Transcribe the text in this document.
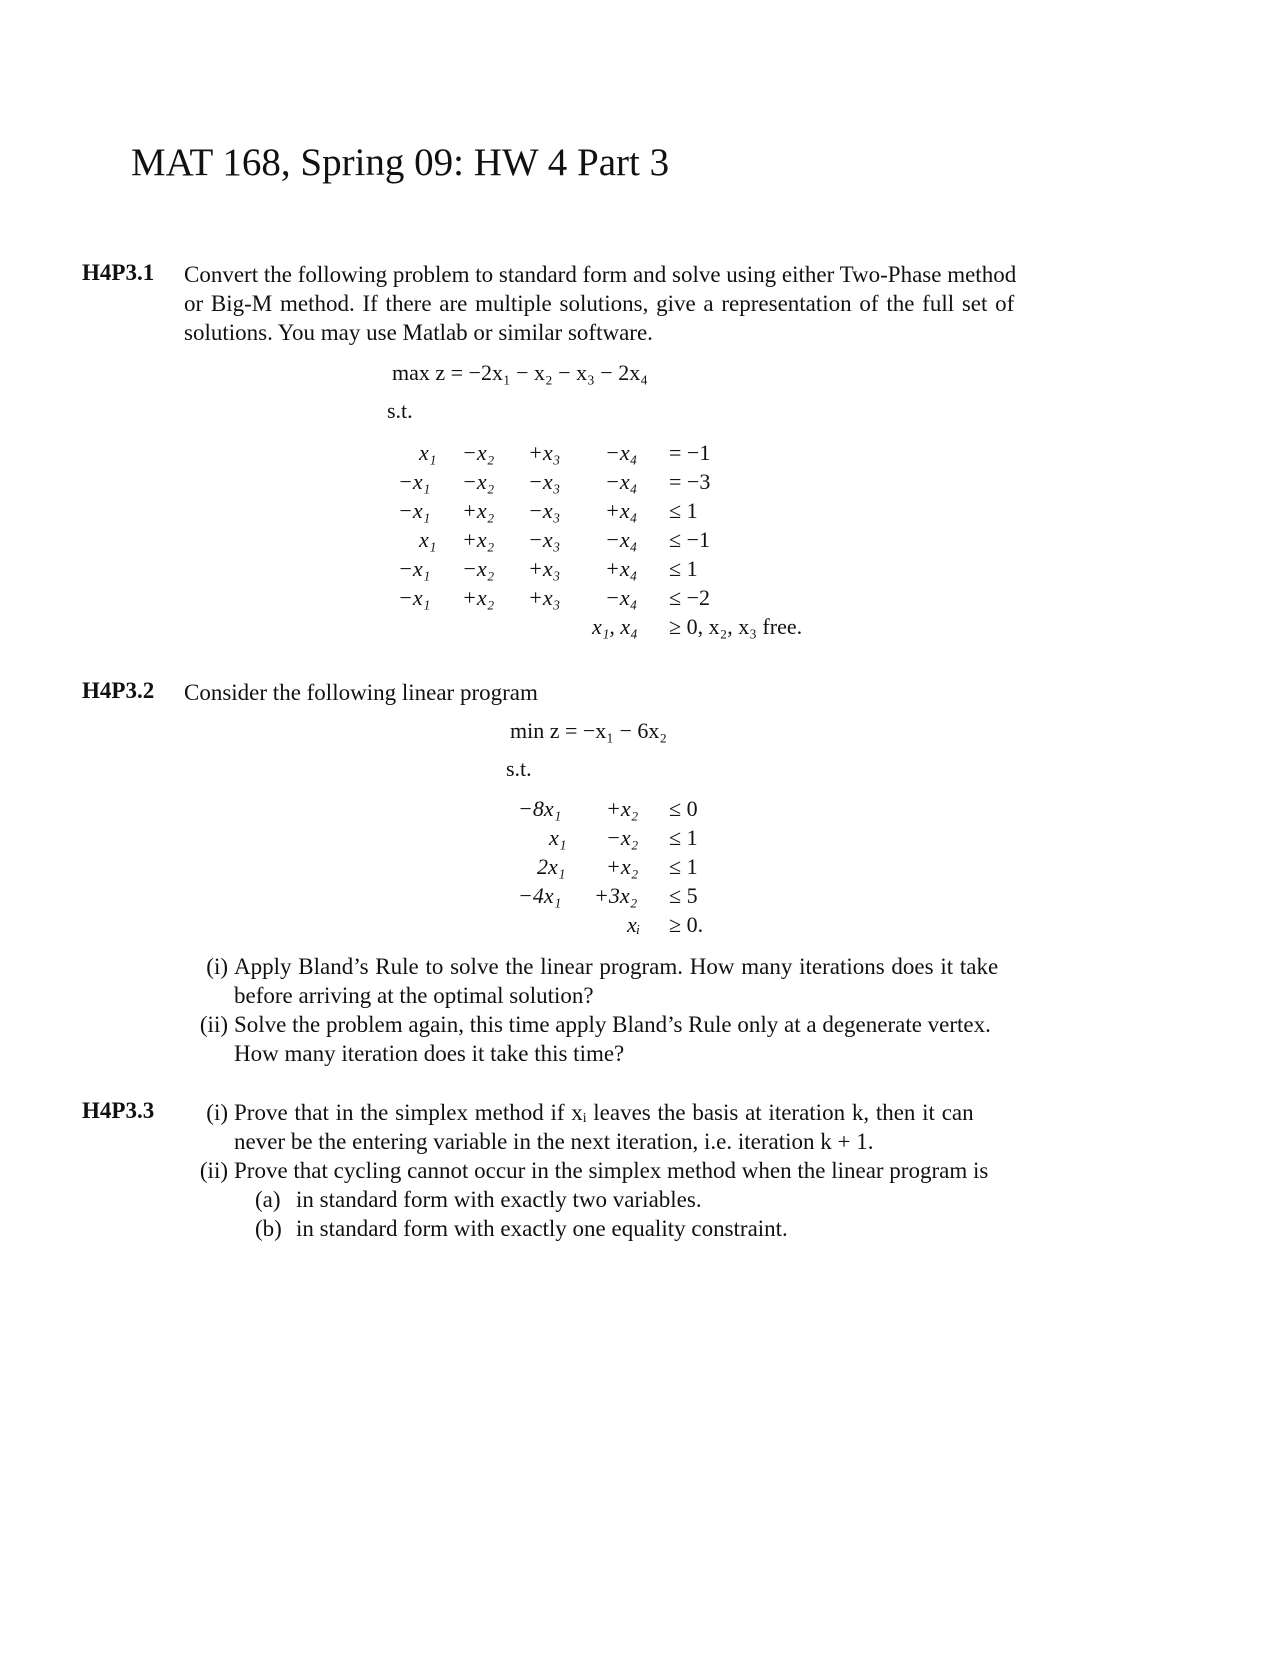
MAT 168, Spring 09: HW 4 Part 3
H4P3.1 Convert the following problem to standard form and solve using either Two-Phase method
or Big-M method. If there are multiple solutions, give a representation of the full set of
solutions. You may use Matlab or similar software.
max z = −2x₁ − x₂ − x₃ − 2x₄
s.t.
x₁ −x₂ +x₃ −x₄ = −1
−x₁ −x₂ −x₃ −x₄ = −3
−x₁ +x₂ −x₃ +x₄ ≤ 1
x₁ +x₂ −x₃ −x₄ ≤ −1
−x₁ −x₂ +x₃ +x₄ ≤ 1
−x₁ +x₂ +x₃ −x₄ ≤ −2
x₁, x₄ ≥ 0, x₂, x₃ free.
H4P3.2 Consider the following linear program
min z = −x₁ − 6x₂
s.t.
−8x₁ +x₂ ≤ 0
x₁ −x₂ ≤ 1
2x₁ +x₂ ≤ 1
−4x₁ +3x₂ ≤ 5
xᵢ ≥ 0.
(i) Apply Bland’s Rule to solve the linear program. How many iterations does it take
before arriving at the optimal solution?
(ii) Solve the problem again, this time apply Bland’s Rule only at a degenerate vertex.
How many iteration does it take this time?
H4P3.3	(i) Prove that in the simplex method if xᵢ leaves the basis at iteration k, then it can
never be the entering variable in the next iteration, i.e. iteration k + 1.
(ii) Prove that cycling cannot occur in the simplex method when the linear program is
(a) in standard form with exactly two variables.
(b) in standard form with exactly one equality constraint.
